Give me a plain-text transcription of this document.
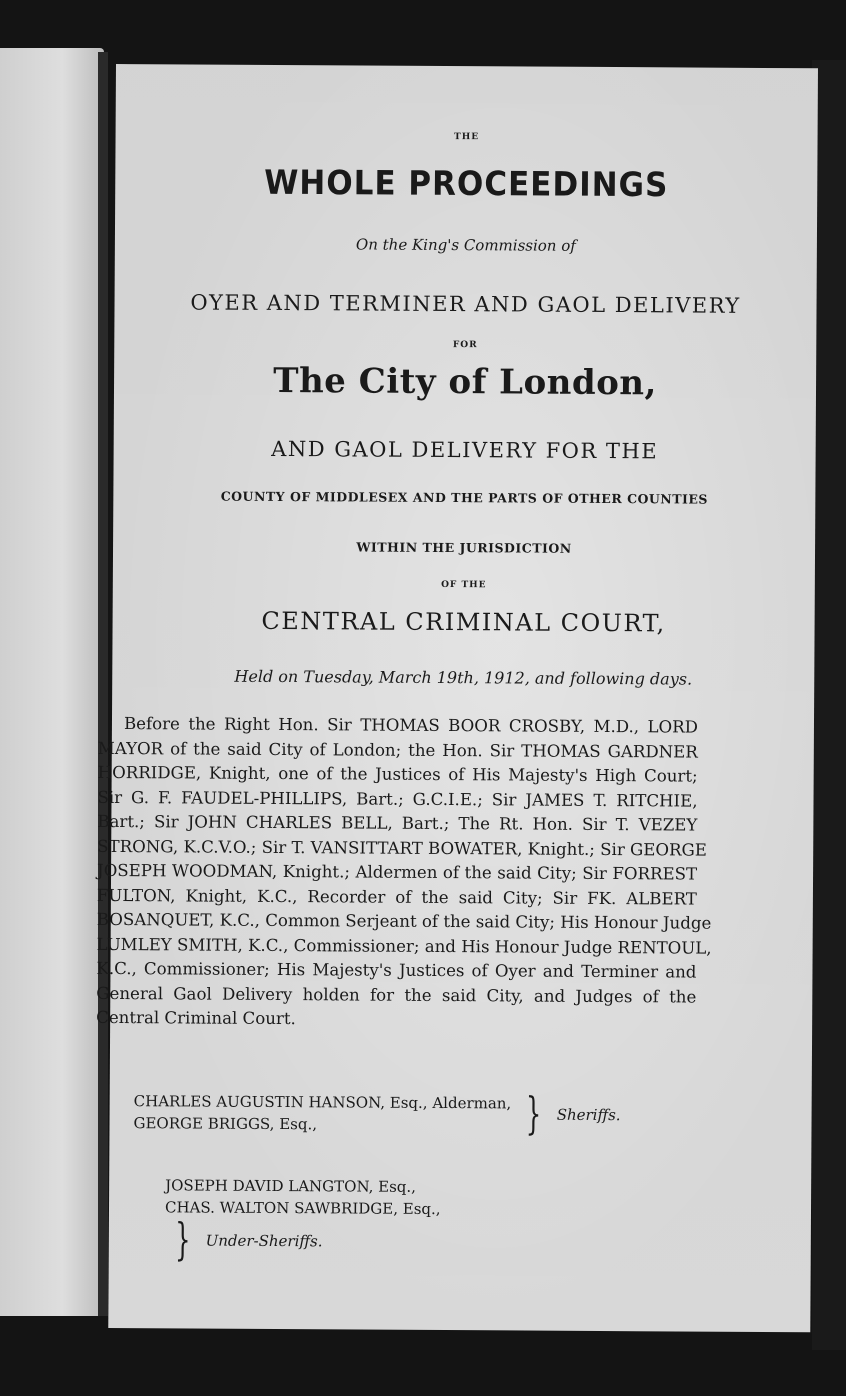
THE
WHOLE PROCEEDINGS
On the King's Commission of
OYER AND TERMINER AND GAOL DELIVERY
FOR
The City of London,
AND GAOL DELIVERY FOR THE
COUNTY OF MIDDLESEX AND THE PARTS OF OTHER COUNTIES
WITHIN THE JURISDICTION
OF THE
CENTRAL CRIMINAL COURT,
Held on Tuesday, March 19th, 1912, and following days.
Before the Right Hon. Sir THOMAS BOOR CROSBY, M.D., LORD
MAYOR of the said City of London; the Hon. Sir THOMAS GARDNER
HORRIDGE, Knight, one of the Justices of His Majesty's High Court;
Sir G. F. FAUDEL-PHILLIPS, Bart.; G.C.I.E.; Sir JAMES T. RITCHIE,
Bart.; Sir JOHN CHARLES BELL, Bart.; The Rt. Hon. Sir T. VEZEY
STRONG, K.C.V.O.; Sir T. VANSITTART BOWATER, Knight.; Sir GEORGE
JOSEPH WOODMAN, Knight.; Aldermen of the said City; Sir FORREST
FULTON, Knight, K.C., Recorder of the said City; Sir FK. ALBERT
BOSANQUET, K.C., Common Serjeant of the said City; His Honour Judge
LUMLEY SMITH, K.C., Commissioner; and His Honour Judge RENTOUL,
K.C., Commissioner; His Majesty's Justices of Oyer and Terminer and
General Gaol Delivery holden for the said City, and Judges of the
Central Criminal Court.
CHARLES AUGUSTIN HANSON, Esq., Alderman,
GEORGE BRIGGS, Esq.,	} Sheriffs.
JOSEPH DAVID LANGTON, Esq.,
CHAS. WALTON SAWBRIDGE, Esq.,
} Under-Sheriffs.
